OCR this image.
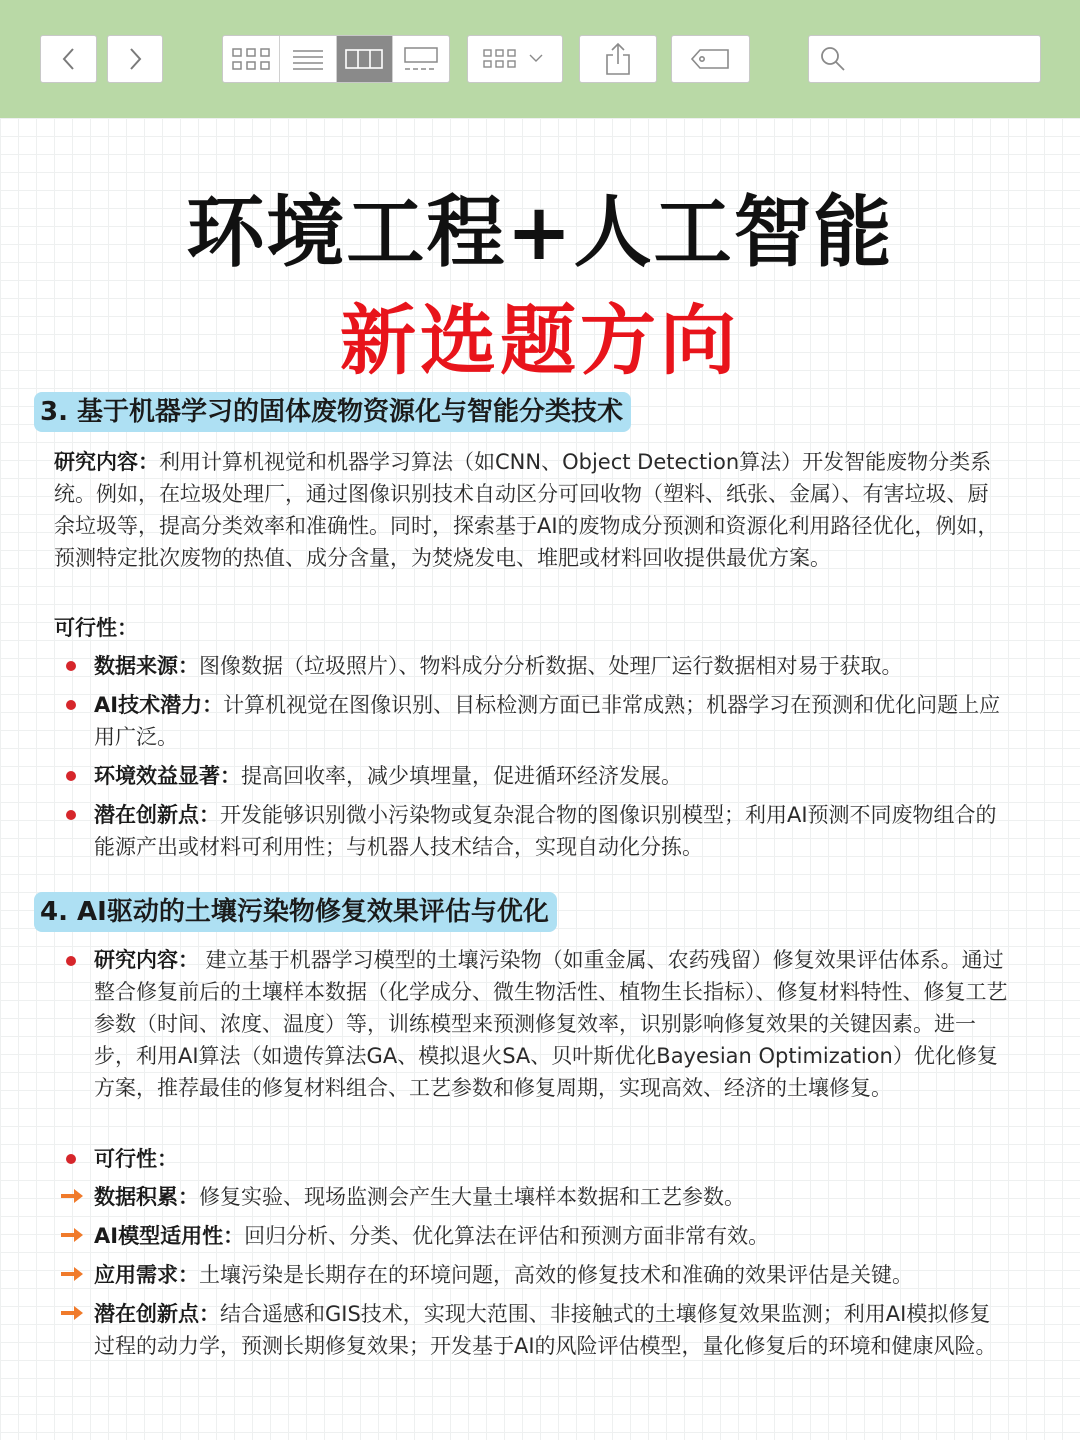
环境工程+人工智能
新选题方向
3. 基于机器学习的固体废物资源化与智能分类技术
研究内容：利用计算机视觉和机器学习算法（如CNN、Object Detection算法）开发智能废物分类系统。例如，在垃圾处理厂，通过图像识别技术自动区分可回收物（塑料、纸张、金属）、有害垃圾、厨余垃圾等，提高分类效率和准确性。同时，探索基于AI的废物成分预测和资源化利用路径优化，例如，预测特定批次废物的热值、成分含量，为焚烧发电、堆肥或材料回收提供最优方案。
可行性：
数据来源：图像数据（垃圾照片）、物料成分分析数据、处理厂运行数据相对易于获取。
AI技术潜力：计算机视觉在图像识别、目标检测方面已非常成熟；机器学习在预测和优化问题上应用广泛。
环境效益显著：提高回收率，减少填埋量，促进循环经济发展。
潜在创新点：开发能够识别微小污染物或复杂混合物的图像识别模型；利用AI预测不同废物组合的能源产出或材料可利用性；与机器人技术结合，实现自动化分拣。
4. AI驱动的土壤污染物修复效果评估与优化
研究内容： 建立基于机器学习模型的土壤污染物（如重金属、农药残留）修复效果评估体系。通过整合修复前后的土壤样本数据（化学成分、微生物活性、植物生长指标）、修复材料特性、修复工艺参数（时间、浓度、温度）等，训练模型来预测修复效率，识别影响修复效果的关键因素。进一步，利用AI算法（如遗传算法GA、模拟退火SA、贝叶斯优化Bayesian Optimization）优化修复方案，推荐最佳的修复材料组合、工艺参数和修复周期，实现高效、经济的土壤修复。
可行性：
数据积累：修复实验、现场监测会产生大量土壤样本数据和工艺参数。
AI模型适用性：回归分析、分类、优化算法在评估和预测方面非常有效。
应用需求：土壤污染是长期存在的环境问题，高效的修复技术和准确的效果评估是关键。
潜在创新点：结合遥感和GIS技术，实现大范围、非接触式的土壤修复效果监测；利用AI模拟修复过程的动力学，预测长期修复效果；开发基于AI的风险评估模型，量化修复后的环境和健康风险。
